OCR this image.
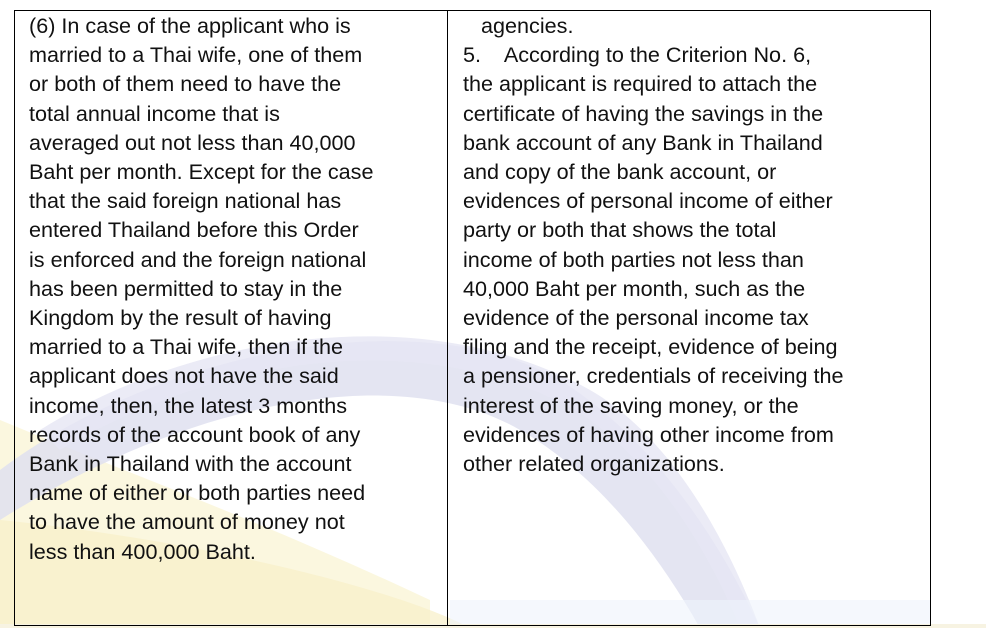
(6) In case of the applicant who is
married to a Thai wife, one of them
or both of them need to have the
total annual income that is
averaged out not less than 40,000
Baht per month. Except for the case
that the said foreign national has
entered Thailand before this Order
is enforced and the foreign national
has been permitted to stay in the
Kingdom by the result of having
married to a Thai wife, then if the
applicant does not have the said
income, then, the latest 3 months
records of the account book of any
Bank in Thailand with the account
name of either or both parties need
to have the amount of money not
less than 400,000 Baht.

agencies.
5.    According to the Criterion No. 6,
the applicant is required to attach the
certificate of having the savings in the
bank account of any Bank in Thailand
and copy of the bank account, or
evidences of personal income of either
party or both that shows the total
income of both parties not less than
40,000 Baht per month, such as the
evidence of the personal income tax
filing and the receipt, evidence of being
a pensioner, credentials of receiving the
interest of the saving money, or the
evidences of having other income from
other related organizations.
